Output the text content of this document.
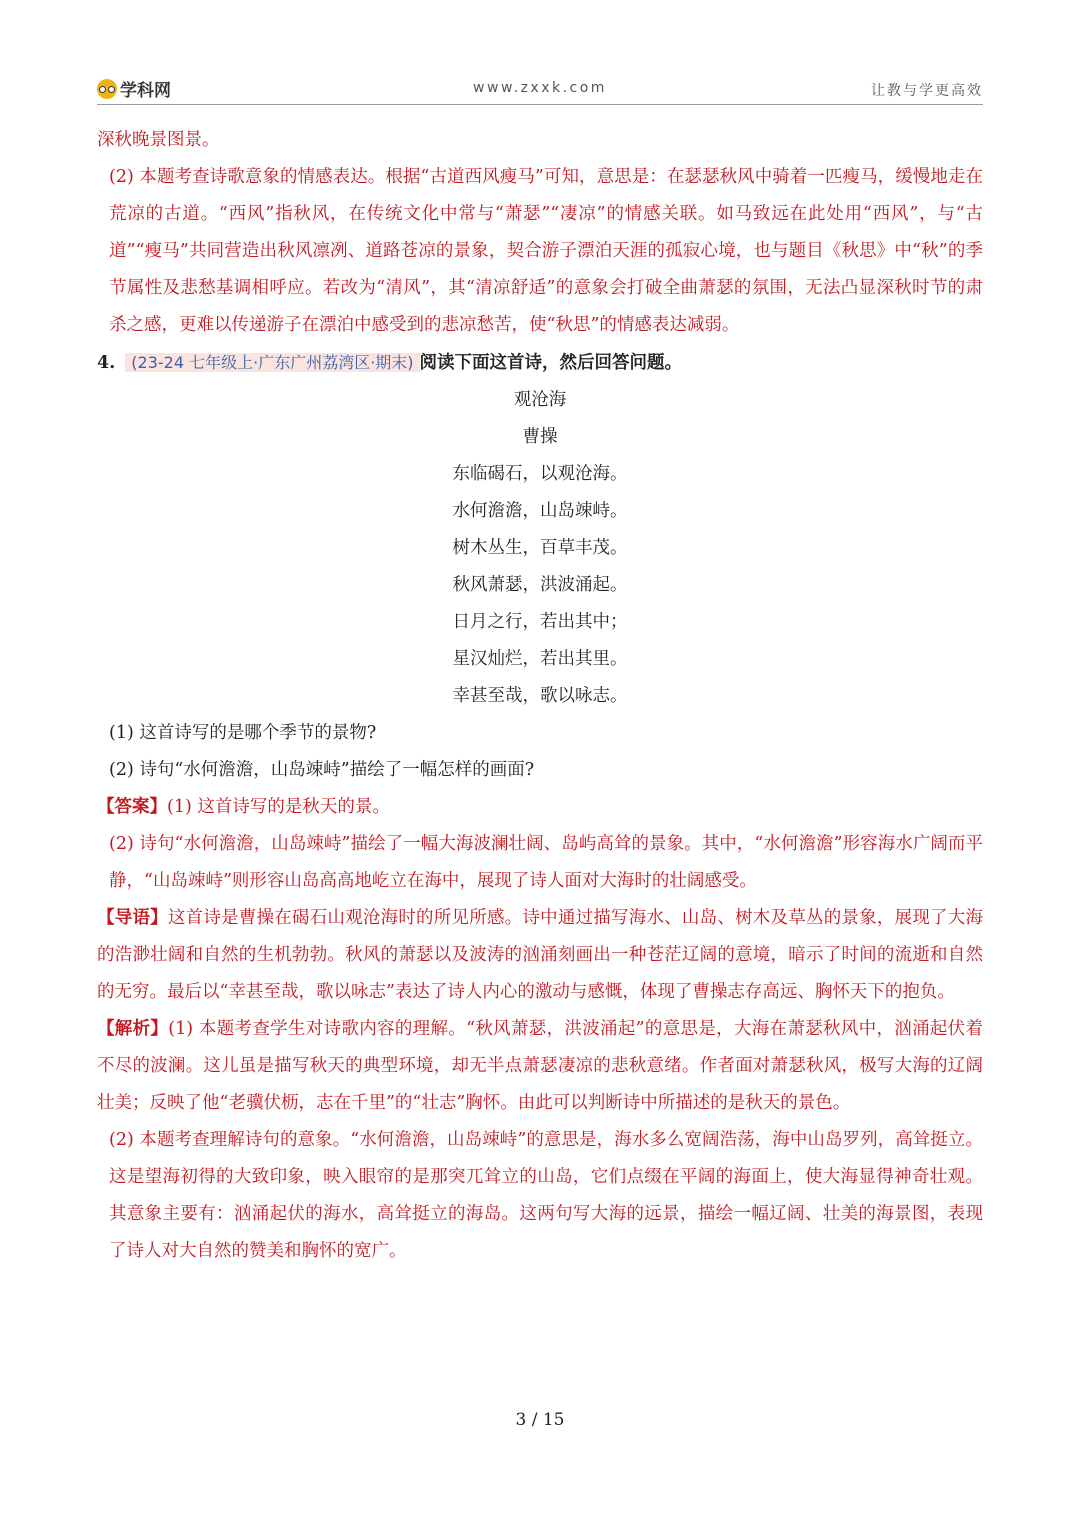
学科网	www.zxxk.com	让教与学更高效

深秋晚景图景。

(2) 本题考查诗歌意象的情感表达。根据“古道西风瘦马”可知，意思是：在瑟瑟秋风中骑着一匹瘦马，缓慢地走在荒凉的古道。“西风”指秋风，在传统文化中常与“萧瑟”“凄凉”的情感关联。如马致远在此处用“西风”，与“古道”“瘦马”共同营造出秋风凛冽、道路苍凉的景象，契合游子漂泊天涯的孤寂心境，也与题目《秋思》中“秋”的季节属性及悲愁基调相呼应。若改为“清风”，其“清凉舒适”的意象会打破全曲萧瑟的氛围，无法凸显深秋时节的肃杀之感，更难以传递游子在漂泊中感受到的悲凉愁苦，使“秋思”的情感表达减弱。

4. (23-24 七年级上·广东广州荔湾区·期末) 阅读下面这首诗，然后回答问题。

观沧海

曹操

东临碣石，以观沧海。

水何澹澹，山岛竦峙。

树木丛生，百草丰茂。

秋风萧瑟，洪波涌起。

日月之行，若出其中；

星汉灿烂，若出其里。

幸甚至哉，歌以咏志。

(1) 这首诗写的是哪个季节的景物?

(2) 诗句“水何澹澹，山岛竦峙”描绘了一幅怎样的画面?

【答案】(1) 这首诗写的是秋天的景。

(2) 诗句“水何澹澹，山岛竦峙”描绘了一幅大海波澜壮阔、岛屿高耸的景象。其中，“水何澹澹”形容海水广阔而平静，“山岛竦峙”则形容山岛高高地屹立在海中，展现了诗人面对大海时的壮阔感受。

【导语】这首诗是曹操在碣石山观沧海时的所见所感。诗中通过描写海水、山岛、树木及草丛的景象，展现了大海的浩渺壮阔和自然的生机勃勃。秋风的萧瑟以及波涛的汹涌刻画出一种苍茫辽阔的意境，暗示了时间的流逝和自然的无穷。最后以“幸甚至哉，歌以咏志”表达了诗人内心的激动与感慨，体现了曹操志存高远、胸怀天下的抱负。

【解析】(1) 本题考查学生对诗歌内容的理解。“秋风萧瑟，洪波涌起”的意思是，大海在萧瑟秋风中，汹涌起伏着不尽的波澜。这儿虽是描写秋天的典型环境，却无半点萧瑟凄凉的悲秋意绪。作者面对萧瑟秋风，极写大海的辽阔壮美；反映了他“老骥伏枥，志在千里”的“壮志”胸怀。由此可以判断诗中所描述的是秋天的景色。

(2) 本题考查理解诗句的意象。“水何澹澹，山岛竦峙”的意思是，海水多么宽阔浩荡，海中山岛罗列，高耸挺立。这是望海初得的大致印象，映入眼帘的是那突兀耸立的山岛，它们点缀在平阔的海面上，使大海显得神奇壮观。其意象主要有：汹涌起伏的海水，高耸挺立的海岛。这两句写大海的远景，描绘一幅辽阔、壮美的海景图，表现了诗人对大自然的赞美和胸怀的宽广。

3 / 15
